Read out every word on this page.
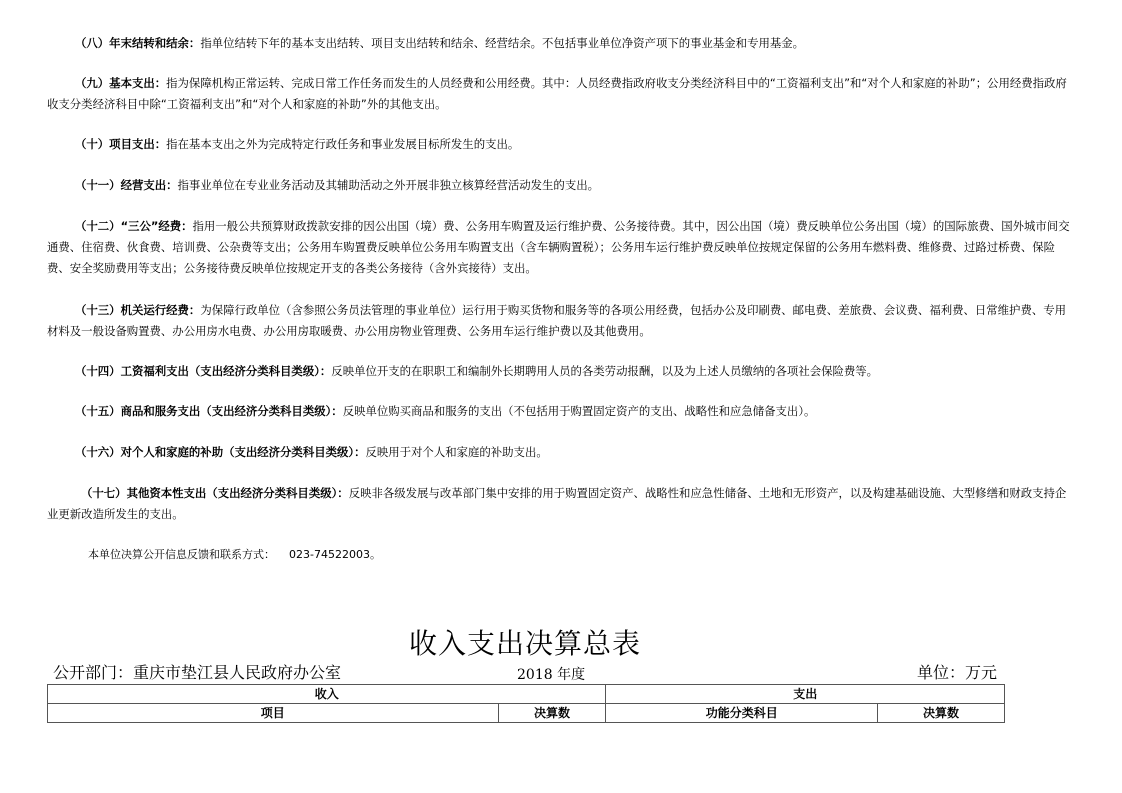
（八）年末结转和结余：指单位结转下年的基本支出结转、项目支出结转和结余、经营结余。不包括事业单位净资产项下的事业基金和专用基金。

（九）基本支出：指为保障机构正常运转、完成日常工作任务而发生的人员经费和公用经费。其中：人员经费指政府收支分类经济科目中的“工资福利支出”和“对个人和家庭的补助”；公用经费指政府收支分类经济科目中除“工资福利支出”和“对个人和家庭的补助”外的其他支出。

（十）项目支出：指在基本支出之外为完成特定行政任务和事业发展目标所发生的支出。

（十一）经营支出：指事业单位在专业业务活动及其辅助活动之外开展非独立核算经营活动发生的支出。

（十二）“三公”经费：指用一般公共预算财政拨款安排的因公出国（境）费、公务用车购置及运行维护费、公务接待费。其中，因公出国（境）费反映单位公务出国（境）的国际旅费、国外城市间交通费、住宿费、伙食费、培训费、公杂费等支出；公务用车购置费反映单位公务用车购置支出（含车辆购置税）；公务用车运行维护费反映单位按规定保留的公务用车燃料费、维修费、过路过桥费、保险费、安全奖励费用等支出；公务接待费反映单位按规定开支的各类公务接待（含外宾接待）支出。

（十三）机关运行经费：为保障行政单位（含参照公务员法管理的事业单位）运行用于购买货物和服务等的各项公用经费，包括办公及印刷费、邮电费、差旅费、会议费、福利费、日常维护费、专用材料及一般设备购置费、办公用房水电费、办公用房取暖费、办公用房物业管理费、公务用车运行维护费以及其他费用。

（十四）工资福利支出（支出经济分类科目类级）：反映单位开支的在职职工和编制外长期聘用人员的各类劳动报酬，以及为上述人员缴纳的各项社会保险费等。

（十五）商品和服务支出（支出经济分类科目类级）：反映单位购买商品和服务的支出（不包括用于购置固定资产的支出、战略性和应急储备支出）。

（十六）对个人和家庭的补助（支出经济分类科目类级）：反映用于对个人和家庭的补助支出。

（十七）其他资本性支出（支出经济分类科目类级）：反映非各级发展与改革部门集中安排的用于购置固定资产、战略性和应急性储备、土地和无形资产，以及构建基础设施、大型修缮和财政支持企业更新改造所发生的支出。

本单位决算公开信息反馈和联系方式： 023-74522003。

收入支出决算总表
公开部门：重庆市垫江县人民政府办公室	2018 年度	单位：万元
收入		支出	
项目	决算数	功能分类科目	决算数
